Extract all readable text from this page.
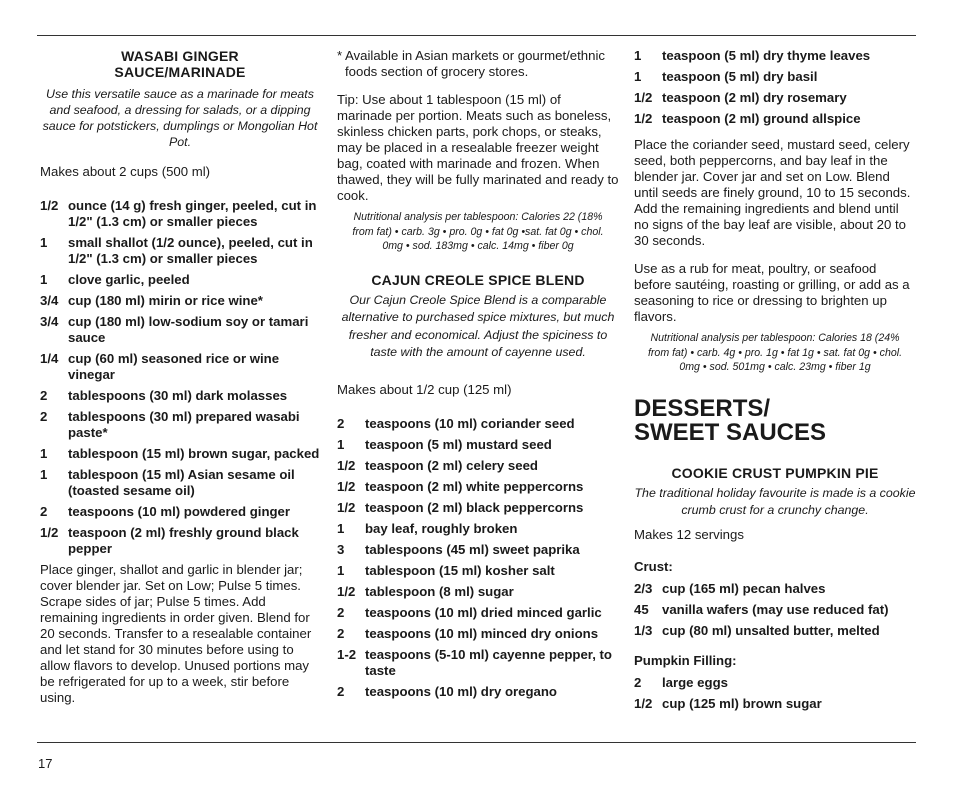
WASABI GINGER SAUCE/MARINADE

Use this versatile sauce as a marinade for meats and seafood, a dressing for salads, or a dipping sauce for potstickers, dumplings or Mongolian Hot Pot.

Makes about 2 cups (500 ml)

1/2 ounce (14 g) fresh ginger, peeled, cut in 1/2" (1.3 cm) or smaller pieces
1	small shallot (1/2 ounce), peeled, cut in 1/2" (1.3 cm) or smaller pieces
1	clove garlic, peeled
3/4 cup (180 ml) mirin or rice wine*
3/4 cup (180 ml) low-sodium soy or tamari sauce
1/4 cup (60 ml) seasoned rice or wine vinegar
2	tablespoons (30 ml) dark molasses
2	tablespoons (30 ml) prepared wasabi paste*
1	tablespoon (15 ml) brown sugar, packed
1	tablespoon (15 ml) Asian sesame oil (toasted sesame oil)
2	teaspoons (10 ml) powdered ginger
1/2 teaspoon (2 ml) freshly ground black pepper

Place ginger, shallot and garlic in blender jar; cover blender jar. Set on Low; Pulse 5 times. Scrape sides of jar; Pulse 5 times. Add remaining ingredients in order given. Blend for 20 seconds. Transfer to a resealable container and let stand for 30 minutes before using to allow flavors to develop. Unused portions may be refrigerated for up to a week, stir before using.

* Available in Asian markets or gourmet/ethnic foods section of grocery stores.

Tip: Use about 1 tablespoon (15 ml) of marinade per portion. Meats such as boneless, skinless chicken parts, pork chops, or steaks, may be placed in a resealable freezer weight bag, coated with marinade and frozen. When thawed, they will be fully marinated and ready to cook.

Nutritional analysis per tablespoon: Calories 22 (18% from fat) • carb. 3g • pro. 0g • fat 0g •sat. fat 0g • chol. 0mg • sod. 183mg • calc. 14mg • fiber 0g

CAJUN CREOLE SPICE BLEND

Our Cajun Creole Spice Blend is a comparable alternative to purchased spice mixtures, but much fresher and economical. Adjust the spiciness to taste with the amount of cayenne used.

Makes about 1/2 cup (125 ml)

2	teaspoons (10 ml) coriander seed
1	teaspoon (5 ml) mustard seed
1/2 teaspoon (2 ml) celery seed
1/2 teaspoon (2 ml) white peppercorns
1/2 teaspoon (2 ml) black peppercorns
1	bay leaf, roughly broken
3	tablespoons (45 ml) sweet paprika
1	tablespoon (15 ml) kosher salt
1/2 tablespoon (8 ml) sugar
2	teaspoons (10 ml) dried minced garlic
2	teaspoons (10 ml) minced dry onions
1-2 teaspoons (5-10 ml) cayenne pepper, to taste
2	teaspoons (10 ml) dry oregano
1	teaspoon (5 ml) dry thyme leaves
1	teaspoon (5 ml) dry basil
1/2 teaspoon (2 ml) dry rosemary
1/2 teaspoon (2 ml) ground allspice

Place the coriander seed, mustard seed, celery seed, both peppercorns, and bay leaf in the blender jar. Cover jar and set on Low. Blend until seeds are finely ground, 10 to 15 seconds. Add the remaining ingredients and blend until no signs of the bay leaf are visible, about 20 to 30 seconds.

Use as a rub for meat, poultry, or seafood before sautéing, roasting or grilling, or add as a seasoning to rice or dressing to brighten up flavors.

Nutritional analysis per tablespoon: Calories 18 (24% from fat) • carb. 4g • pro. 1g • fat 1g • sat. fat 0g • chol. 0mg • sod. 501mg • calc. 23mg • fiber 1g

DESSERTS/
SWEET SAUCES
COOKIE CRUST PUMPKIN PIE

The traditional holiday favourite is made is a cookie crumb crust for a crunchy change.

Makes 12 servings

Crust:

2/3 cup (165 ml) pecan halves
45	vanilla wafers (may use reduced fat)
1/3 cup (80 ml) unsalted butter, melted

Pumpkin Filling:

2	large eggs
1/2 cup (125 ml) brown sugar
17
